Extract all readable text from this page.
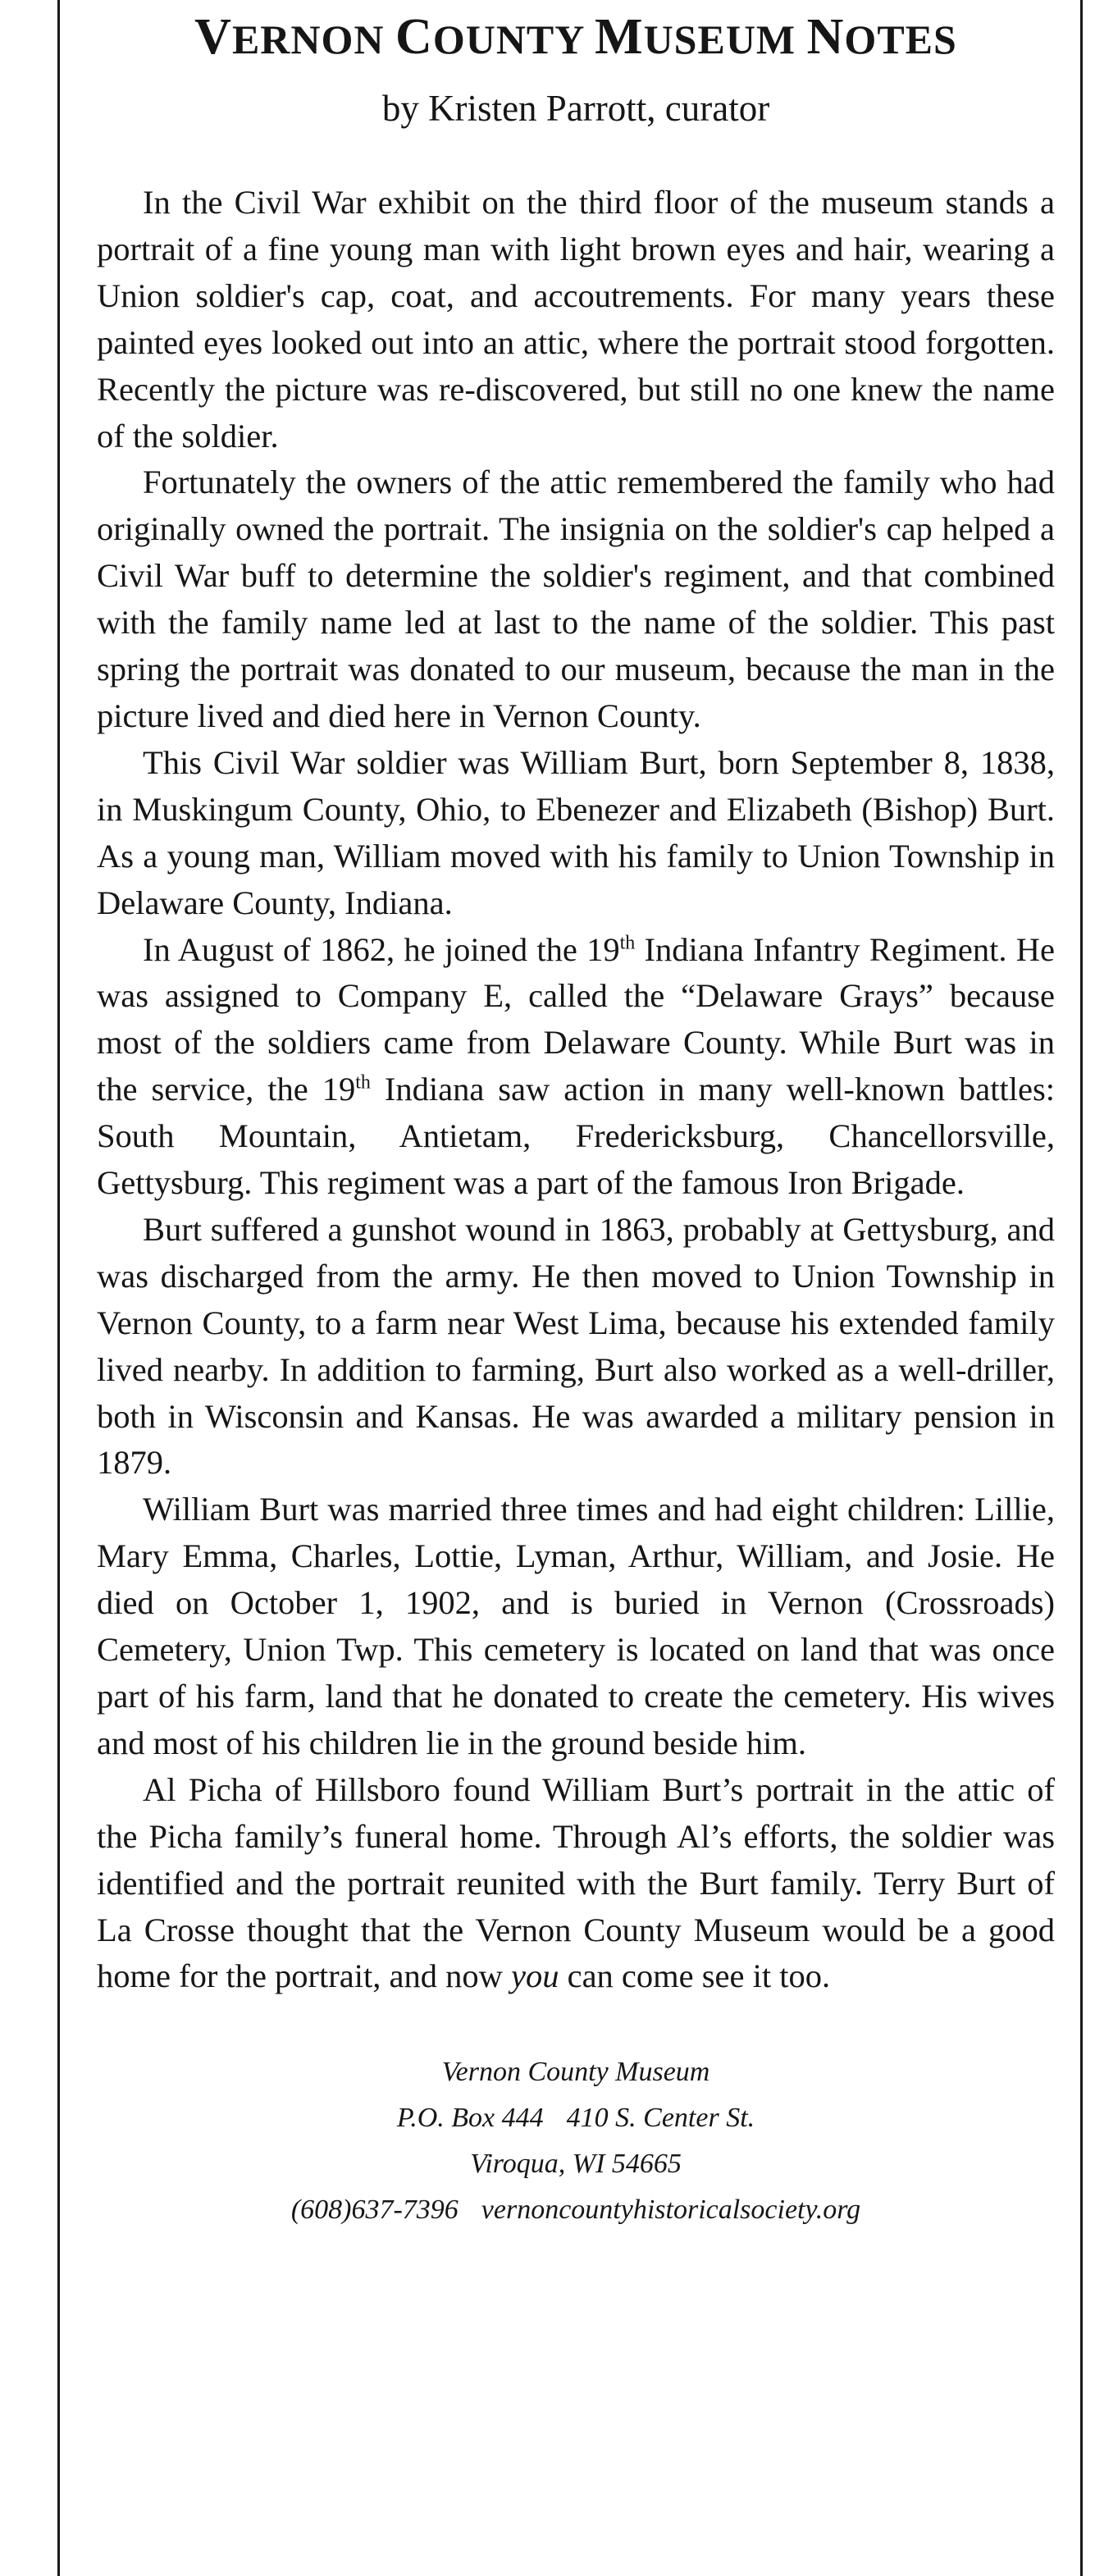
VERNON COUNTY MUSEUM NOTES
by Kristen Parrott, curator

In the Civil War exhibit on the third floor of the museum stands a portrait of a fine young man with light brown eyes and hair, wearing a Union soldier's cap, coat, and accoutrements. For many years these painted eyes looked out into an attic, where the portrait stood forgotten. Recently the picture was re-discovered, but still no one knew the name of the soldier.

Fortunately the owners of the attic remembered the family who had originally owned the portrait. The insignia on the soldier's cap helped a Civil War buff to determine the soldier's regiment, and that combined with the family name led at last to the name of the soldier. This past spring the portrait was donated to our museum, because the man in the picture lived and died here in Vernon County.

This Civil War soldier was William Burt, born September 8, 1838, in Muskingum County, Ohio, to Ebenezer and Elizabeth (Bishop) Burt. As a young man, William moved with his family to Union Township in Delaware County, Indiana.

In August of 1862, he joined the 19th Indiana Infantry Regiment. He was assigned to Company E, called the “Delaware Grays” because most of the soldiers came from Delaware County. While Burt was in the service, the 19th Indiana saw action in many well-known battles: South Mountain, Antietam, Fredericksburg, Chancellorsville, Gettysburg. This regiment was a part of the famous Iron Brigade.

Burt suffered a gunshot wound in 1863, probably at Gettysburg, and was discharged from the army. He then moved to Union Township in Vernon County, to a farm near West Lima, because his extended family lived nearby. In addition to farming, Burt also worked as a well-driller, both in Wisconsin and Kansas. He was awarded a military pension in 1879.

William Burt was married three times and had eight children: Lillie, Mary Emma, Charles, Lottie, Lyman, Arthur, William, and Josie. He died on October 1, 1902, and is buried in Vernon (Crossroads) Cemetery, Union Twp. This cemetery is located on land that was once part of his farm, land that he donated to create the cemetery. His wives and most of his children lie in the ground beside him.

Al Picha of Hillsboro found William Burt’s portrait in the attic of the Picha family’s funeral home. Through Al’s efforts, the soldier was identified and the portrait reunited with the Burt family. Terry Burt of La Crosse thought that the Vernon County Museum would be a good home for the portrait, and now you can come see it too.

Vernon County Museum
P.O. Box 444 410 S. Center St.
Viroqua, WI 54665
(608)637-7396 vernoncountyhistoricalsociety.org
